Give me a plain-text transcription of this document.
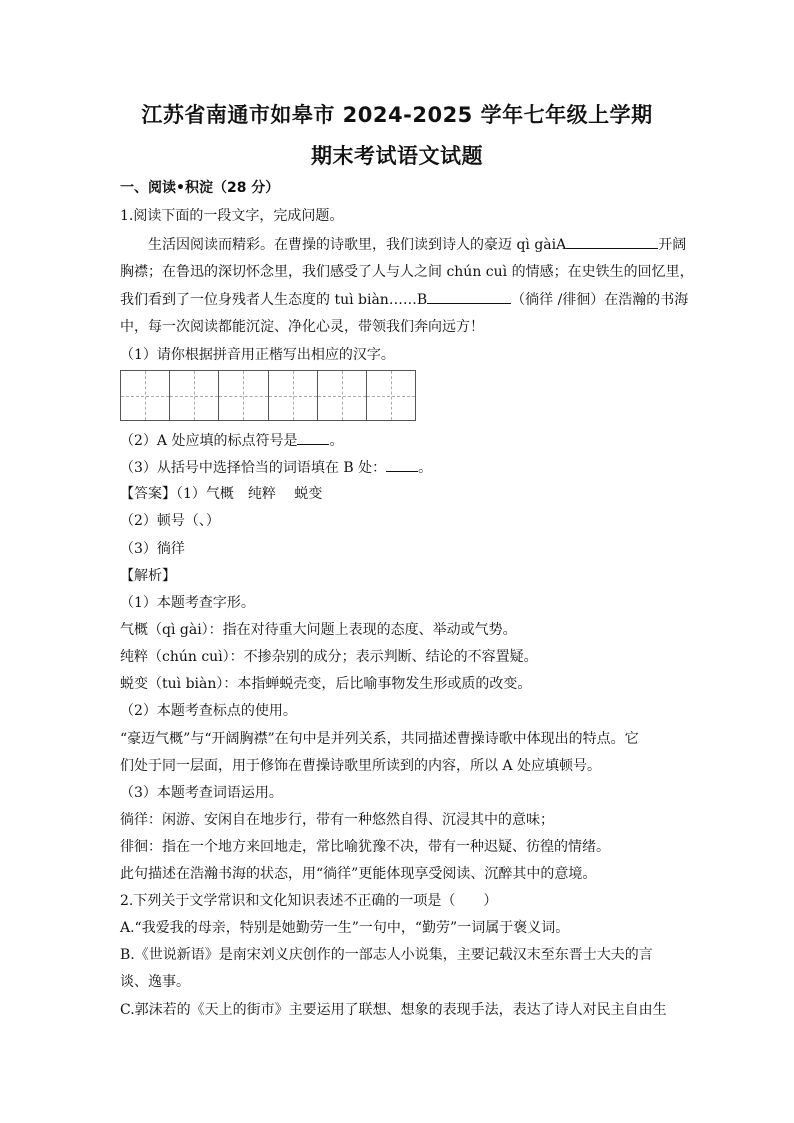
江苏省南通市如皋市 2024-2025 学年七年级上学期
期末考试语文试题
一、阅读•积淀（28 分）
1.阅读下面的一段文字，完成问题。
生活因阅读而精彩。在曹操的诗歌里，我们读到诗人的豪迈 qì gàiA	开阔
胸襟；在鲁迅的深切怀念里，我们感受了人与人之间 chún cuì 的情感；在史铁生的回忆里，
我们看到了一位身残者人生态度的 tuì biàn……B	（徜徉 /徘徊）在浩瀚的书海
中，每一次阅读都能沉淀、净化心灵，带领我们奔向远方！
（1）请你根据拼音用正楷写出相应的汉字。
（2）A 处应填的标点符号是 。
（3）从括号中选择恰当的词语填在 B 处： 。
【答案】（1）气概　纯粹　 蜕变
（2）顿号（、）
（3）徜徉
【解析】
（1）本题考查字形。
气概（qì gài）：指在对待重大问题上表现的态度、举动或气势。
纯粹（chún cuì）：不掺杂别的成分；表示判断、结论的不容置疑。
蜕变（tuì biàn）：本指蝉蜕壳变，后比喻事物发生形或质的改变。
（2）本题考查标点的使用。
“豪迈气概”与“开阔胸襟”在句中是并列关系，共同描述曹操诗歌中体现出的特点。它
们处于同一层面，用于修饰在曹操诗歌里所读到的内容，所以 A 处应填顿号。
（3）本题考查词语运用。
徜徉：闲游、安闲自在地步行，带有一种悠然自得、沉浸其中的意味；
徘徊：指在一个地方来回地走，常比喻犹豫不决，带有一种迟疑、彷徨的情绪。
此句描述在浩瀚书海的状态，用“徜徉”更能体现享受阅读、沉醉其中的意境。
2.下列关于文学常识和文化知识表述不正确的一项是（　　）
A.“我爱我的母亲，特别是她勤劳一生”一句中，“勤劳”一词属于褒义词。
B.《世说新语》是南宋刘义庆创作的一部志人小说集，主要记载汉末至东晋士大夫的言
谈、逸事。
C.郭沫若的《天上的街市》主要运用了联想、想象的表现手法，表达了诗人对民主自由生
